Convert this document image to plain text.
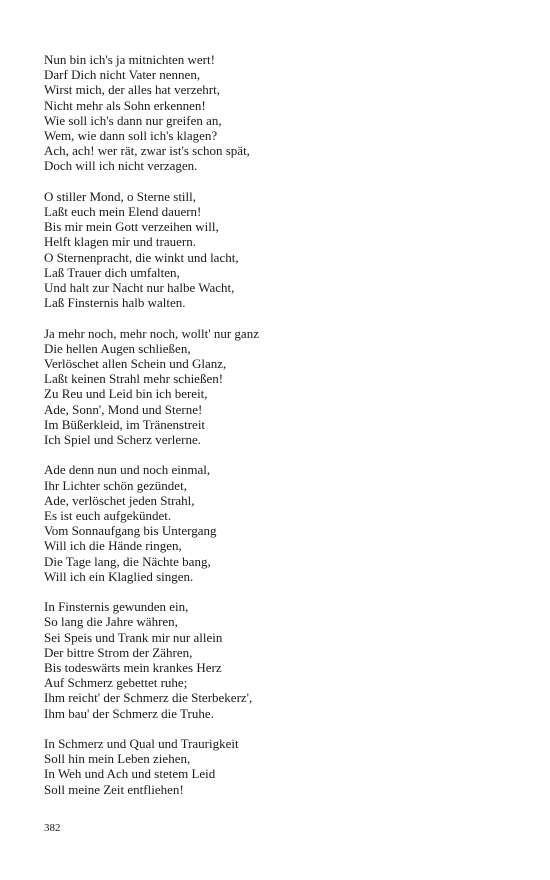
Nun bin ich's ja mitnichten wert!
Darf Dich nicht Vater nennen,
Wirst mich, der alles hat verzehrt,
Nicht mehr als Sohn erkennen!
Wie soll ich's dann nur greifen an,
Wem, wie dann soll ich's klagen?
Ach, ach! wer rät, zwar ist's schon spät,
Doch will ich nicht verzagen.
O stiller Mond, o Sterne still,
Laßt euch mein Elend dauern!
Bis mir mein Gott verzeihen will,
Helft klagen mir und trauern.
O Sternenpracht, die winkt und lacht,
Laß Trauer dich umfalten,
Und halt zur Nacht nur halbe Wacht,
Laß Finsternis halb walten.
Ja mehr noch, mehr noch, wollt' nur ganz
Die hellen Augen schließen,
Verlöschet allen Schein und Glanz,
Laßt keinen Strahl mehr schießen!
Zu Reu und Leid bin ich bereit,
Ade, Sonn', Mond und Sterne!
Im Büßerkleid, im Tränenstreit
Ich Spiel und Scherz verlerne.
Ade denn nun und noch einmal,
Ihr Lichter schön gezündet,
Ade, verlöschet jeden Strahl,
Es ist euch aufgekündet.
Vom Sonnaufgang bis Untergang
Will ich die Hände ringen,
Die Tage lang, die Nächte bang,
Will ich ein Klaglied singen.
In Finsternis gewunden ein,
So lang die Jahre währen,
Sei Speis und Trank mir nur allein
Der bittre Strom der Zähren,
Bis todeswärts mein krankes Herz
Auf Schmerz gebettet ruhe;
Ihm reicht' der Schmerz die Sterbekerz',
Ihm bau' der Schmerz die Truhe.
In Schmerz und Qual und Traurigkeit
Soll hin mein Leben ziehen,
In Weh und Ach und stetem Leid
Soll meine Zeit entfliehen!
382
